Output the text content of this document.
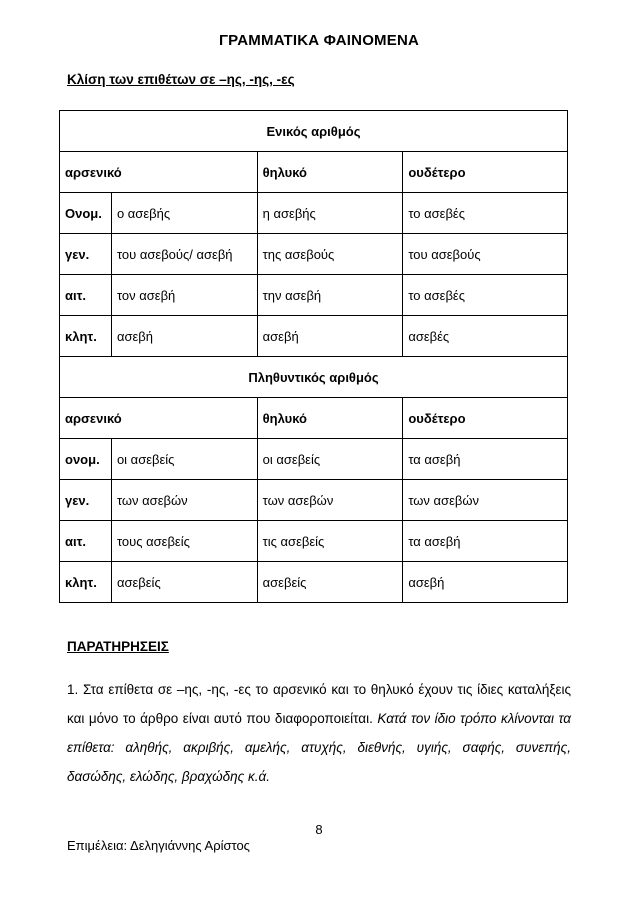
ΓΡΑΜΜΑΤΙΚΑ ΦΑΙΝΟΜΕΝΑ
Κλίση των επιθέτων σε –ης, -ης, -ες
Ενικός αριθμός			
αρσενικό		θηλυκό	ουδέτερο
Ονομ.	ο ασεβής	η ασεβής	το ασεβές
γεν.	του ασεβούς/ ασεβή	της ασεβούς	του ασεβούς
αιτ.	τον ασεβή	την ασεβή	το ασεβές
κλητ.	ασεβή	ασεβή	ασεβές
Πληθυντικός αριθμός			
αρσενικό		θηλυκό	ουδέτερο
ονομ.	οι ασεβείς	οι ασεβείς	τα ασεβή
γεν.	των ασεβών	των ασεβών	των ασεβών
αιτ.	τους ασεβείς	τις ασεβείς	τα ασεβή
κλητ.	ασεβείς	ασεβείς	ασεβή
ΠΑΡΑΤΗΡΗΣΕΙΣ
1. Στα επίθετα σε –ης, -ης, -ες το αρσενικό και το θηλυκό έχουν τις ίδιες καταλήξεις και μόνο το άρθρο είναι αυτό που διαφοροποιείται. Κατά τον ίδιο τρόπο κλίνονται τα επίθετα: αληθής, ακριβής, αμελής, ατυχής, διεθνής, υγιής, σαφής, συνεπής, δασώδης, ελώδης, βραχώδης κ.ά.
8
Επιμέλεια: Δεληγιάννης Αρίστος
